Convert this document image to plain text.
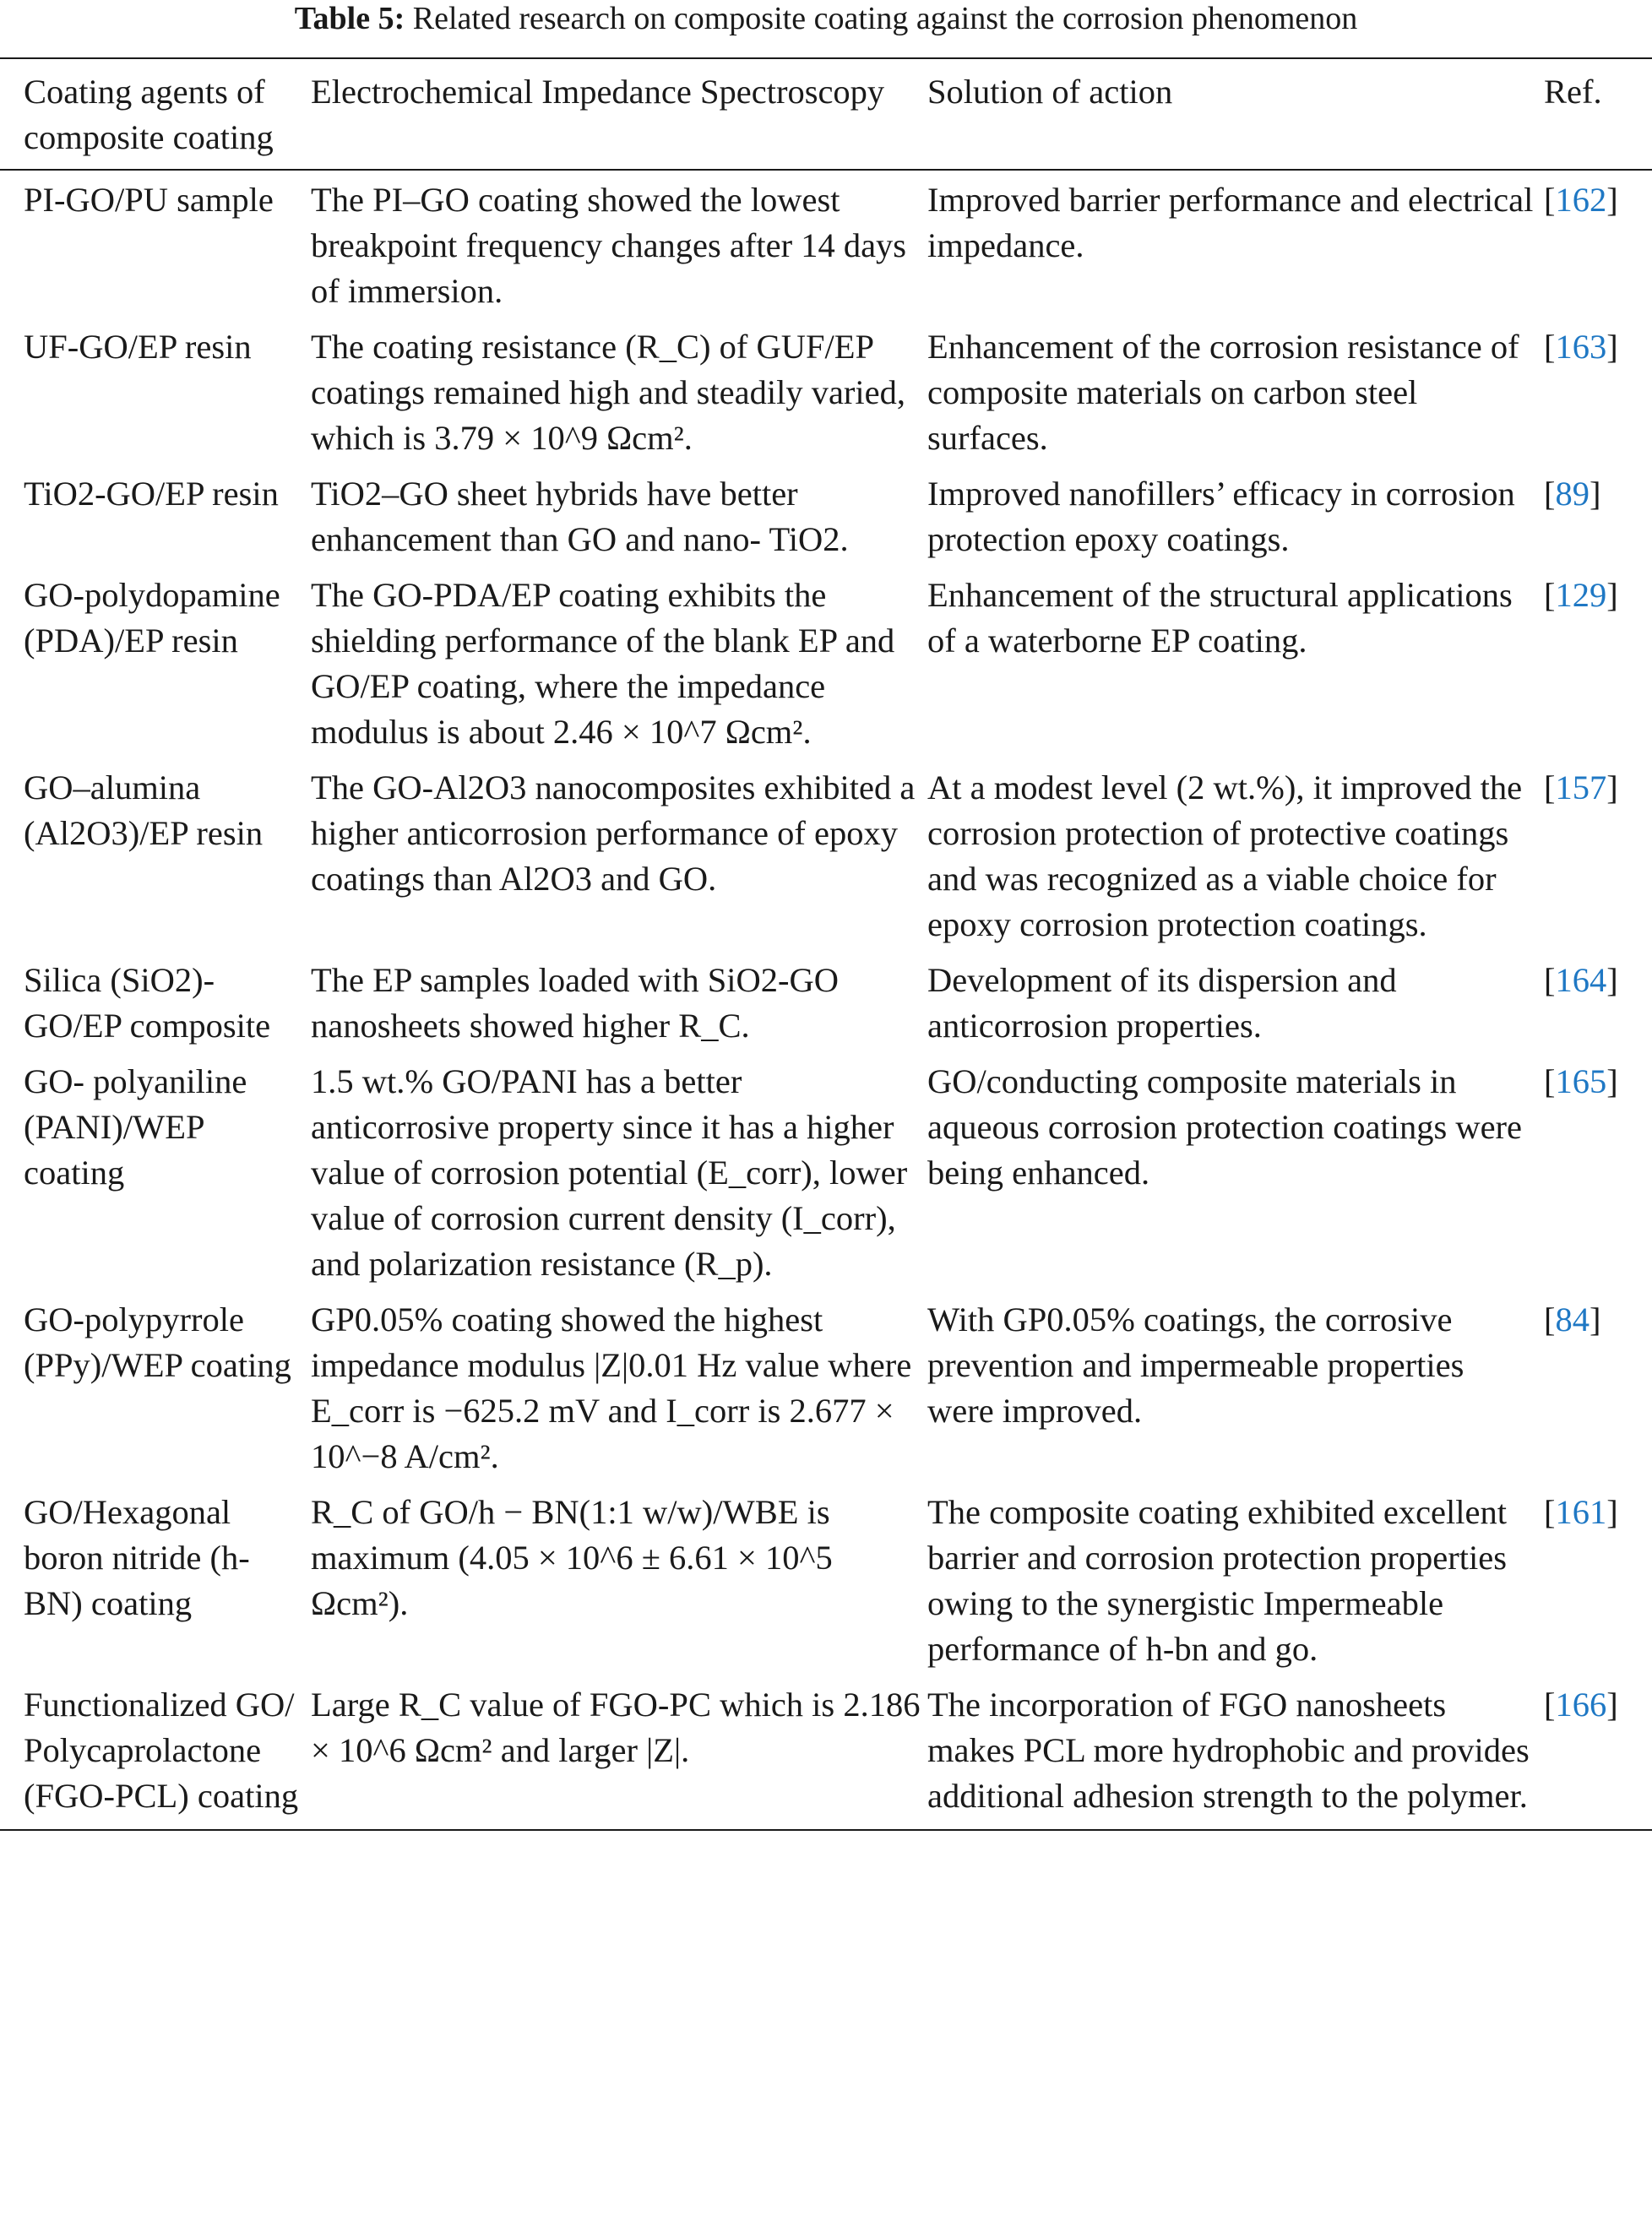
Table 5: Related research on composite coating against the corrosion phenomenon
Coating agents of composite coating	Electrochemical Impedance Spectroscopy	Solution of action	Ref.
PI-GO/PU sample	The PI–GO coating showed the lowest breakpoint frequency changes after 14 days of immersion.	Improved barrier performance and electrical impedance.	[162]
UF-GO/EP resin	The coating resistance (R_C) of GUF/EP coatings remained high and steadily varied, which is 3.79 × 10^9 Ωcm².	Enhancement of the corrosion resistance of composite materials on carbon steel surfaces.	[163]
TiO2-GO/EP resin	TiO2–GO sheet hybrids have better enhancement than GO and nano- TiO2.	Improved nanofillers’ efficacy in corrosion protection epoxy coatings.	[89]
GO-polydopamine (PDA)/EP resin	The GO-PDA/EP coating exhibits the shielding performance of the blank EP and GO/EP coating, where the impedance modulus is about 2.46 × 10^7 Ωcm².	Enhancement of the structural applications of a waterborne EP coating.	[129]
GO–alumina (Al2O3)/EP resin	The GO-Al2O3 nanocomposites exhibited a higher anticorrosion performance of epoxy coatings than Al2O3 and GO.	At a modest level (2 wt.%), it improved the corrosion protection of protective coatings and was recognized as a viable choice for epoxy corrosion protection coatings.	[157]
Silica (SiO2)-GO/EP composite	The EP samples loaded with SiO2-GO nanosheets showed higher R_C.	Development of its dispersion and anticorrosion properties.	[164]
GO- polyaniline (PANI)/WEP coating	1.5 wt.% GO/PANI has a better anticorrosive property since it has a higher value of corrosion potential (E_corr), lower value of corrosion current density (I_corr), and polarization resistance (R_p).	GO/conducting composite materials in aqueous corrosion protection coatings were being enhanced.	[165]
GO-polypyrrole (PPy)/WEP coating	GP0.05% coating showed the highest impedance modulus |Z|0.01 Hz value where E_corr is −625.2 mV and I_corr is 2.677 × 10^−8 A/cm².	With GP0.05% coatings, the corrosive prevention and impermeable properties were improved.	[84]
GO/Hexagonal boron nitride (h-BN) coating	R_C of GO/h − BN(1:1 w/w)/WBE is maximum (4.05 × 10^6 ± 6.61 × 10^5 Ωcm²).	The composite coating exhibited excellent barrier and corrosion protection properties owing to the synergistic Impermeable performance of h-bn and go.	[161]
Functionalized GO/ Polycaprolactone (FGO-PCL) coating	Large R_C value of FGO-PC which is 2.186 × 10^6 Ωcm² and larger |Z|.	The incorporation of FGO nanosheets makes PCL more hydrophobic and provides additional adhesion strength to the polymer.	[166]
